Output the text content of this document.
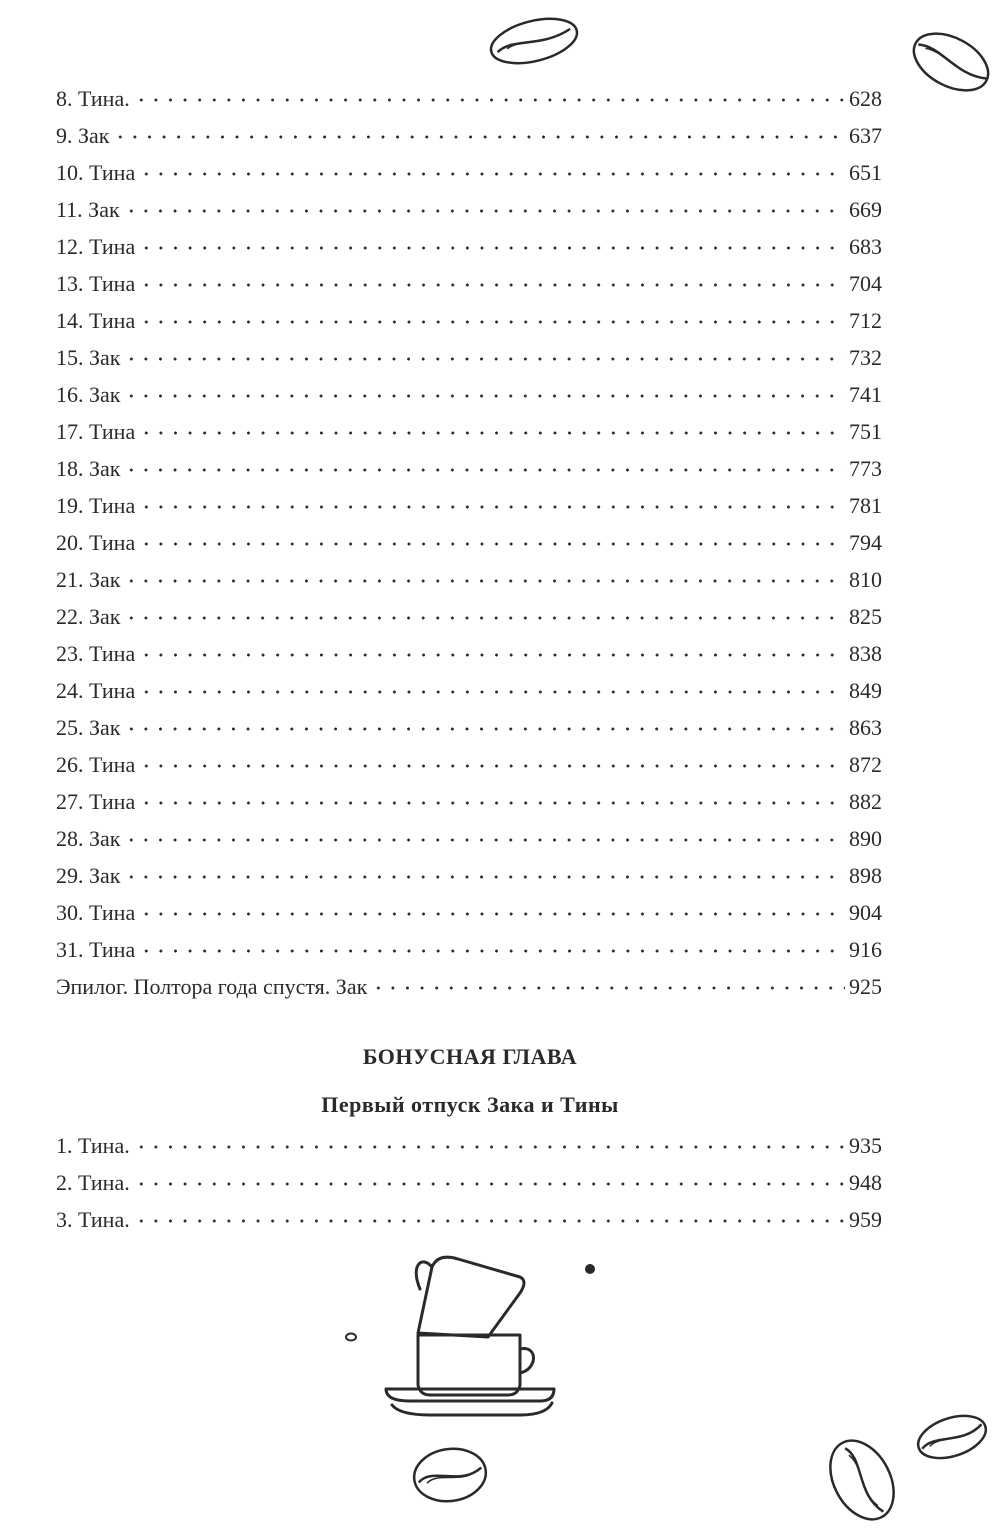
8. Тина.	628
9. Зак	637
10. Тина	651
11. Зак	669
12. Тина	683
13. Тина	704
14. Тина	712
15. Зак	732
16. Зак	741
17. Тина	751
18. Зак	773
19. Тина	781
20. Тина	794
21. Зак	810
22. Зак	825
23. Тина	838
24. Тина	849
25. Зак	863
26. Тина	872
27. Тина	882
28. Зак	890
29. Зак	898
30. Тина	904
31. Тина	916
Эпилог. Полтора года спустя. Зак	925
БОНУСНАЯ ГЛАВА
Первый отпуск Зака и Тины
1. Тина.	935
2. Тина.	948
3. Тина.	959
